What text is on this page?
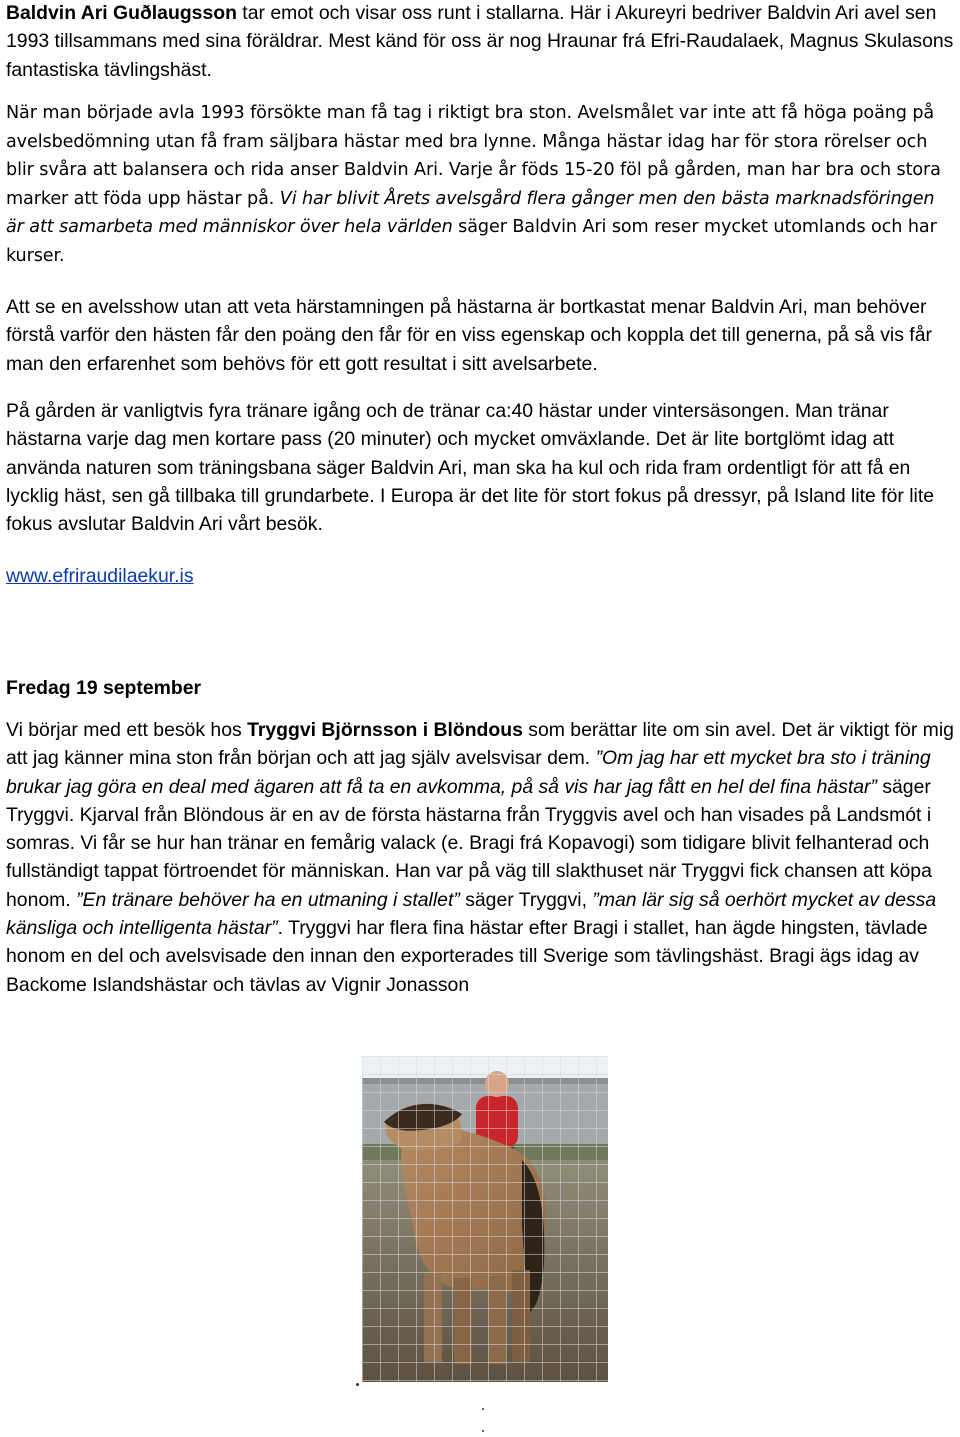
Baldvin Ari Guðlaugsson tar emot och visar oss runt i stallarna. Här i Akureyri bedriver Baldvin Ari avel sen 1993 tillsammans med sina föräldrar. Mest känd för oss är nog Hraunar frá Efri-Raudalaek, Magnus Skulasons fantastiska tävlingshäst.

När man började avla 1993 försökte man få tag i riktigt bra ston. Avelsmålet var inte att få höga poäng på avelsbedömning utan få fram säljbara hästar med bra lynne. Många hästar idag har för stora rörelser och blir svåra att balansera och rida anser Baldvin Ari. Varje år föds 15-20 föl på gården, man har bra och stora marker att föda upp hästar på. Vi har blivit Årets avelsgård flera gånger men den bästa marknadsföringen är att samarbeta med människor över hela världen säger Baldvin Ari som reser mycket utomlands och har kurser.

Att se en avelsshow utan att veta härstamningen på hästarna är bortkastat menar Baldvin Ari, man behöver förstå varför den hästen får den poäng den får för en viss egenskap och koppla det till generna, på så vis får man den erfarenhet som behövs för ett gott resultat i sitt avelsarbete.

På gården är vanligtvis fyra tränare igång och de tränar ca:40 hästar under vintersäsongen. Man tränar hästarna varje dag men kortare pass (20 minuter) och mycket omväxlande. Det är lite bortglömt idag att använda naturen som träningsbana säger Baldvin Ari, man ska ha kul och rida fram ordentligt för att få en lycklig häst, sen gå tillbaka till grundarbete. I Europa är det lite för stort fokus på dressyr, på Island lite för lite fokus avslutar Baldvin Ari vårt besök.

www.efriraudilaekur.is

Fredag 19 september

Vi börjar med ett besök hos Tryggvi Björnsson i Blöndous som berättar lite om sin avel. Det är viktigt för mig att jag känner mina ston från början och att jag själv avelsvisar dem. ”Om jag har ett mycket bra sto i träning brukar jag göra en deal med ägaren att få ta en avkomma, på så vis har jag fått en hel del fina hästar” säger Tryggvi. Kjarval från Blöndous är en av de första hästarna från Tryggvis avel och han visades på Landsmót i somras. Vi får se hur han tränar en femårig valack (e. Bragi frá Kopavogi) som tidigare blivit felhanterad och fullständigt tappat förtroendet för människan. Han var på väg till slakthuset när Tryggvi fick chansen att köpa honom. ”En tränare behöver ha en utmaning i stallet” säger Tryggvi, ”man lär sig så oerhört mycket av dessa känsliga och intelligenta hästar”. Tryggvi har flera fina hästar efter Bragi i stallet, han ägde hingsten, tävlade honom en del och avelsvisade den innan den exporterades till Sverige som tävlingshäst. Bragi ägs idag av Backome Islandshästar och tävlas av Vignir Jonasson
